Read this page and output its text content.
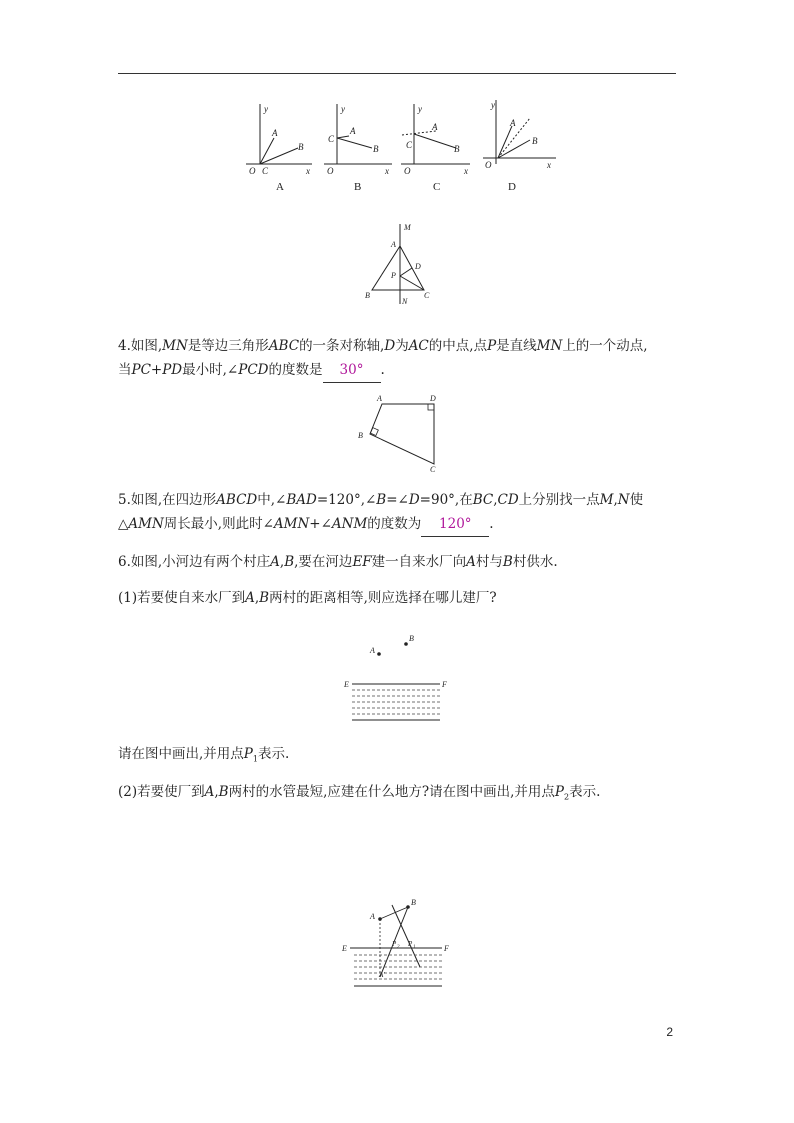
y
x
O C
A
B
A
y
x
O
C
A
B
B
y
x
O
C
A
B
C
y
x
O
A
B
D
M
A
P
D
B
N
C
4.如图,MN是等边三角形ABC的一条对称轴,D为AC的中点,点P是直线MN上的一个动点,
当PC+PD最小时,∠PCD的度数是 30° .
A	D
B
C
5.如图,在四边形ABCD中,∠BAD=120°,∠B=∠D=90°,在BC,CD上分别找一点M,N使
△AMN周长最小,则此时∠AMN+∠ANM的度数为 120° .
6.如图,小河边有两个村庄A,B,要在河边EF建一自来水厂向A村与B村供水.
(1)若要使自来水厂到A,B两村的距离相等,则应选择在哪儿建厂?
A
B
E	F
请在图中画出,并用点$P_1$表示.
(2)若要使厂到A,B两村的水管最短,应建在什么地方?请在图中画出,并用点$P_2$表示.
A
B
A′
E	F
P 2 P 1
2
